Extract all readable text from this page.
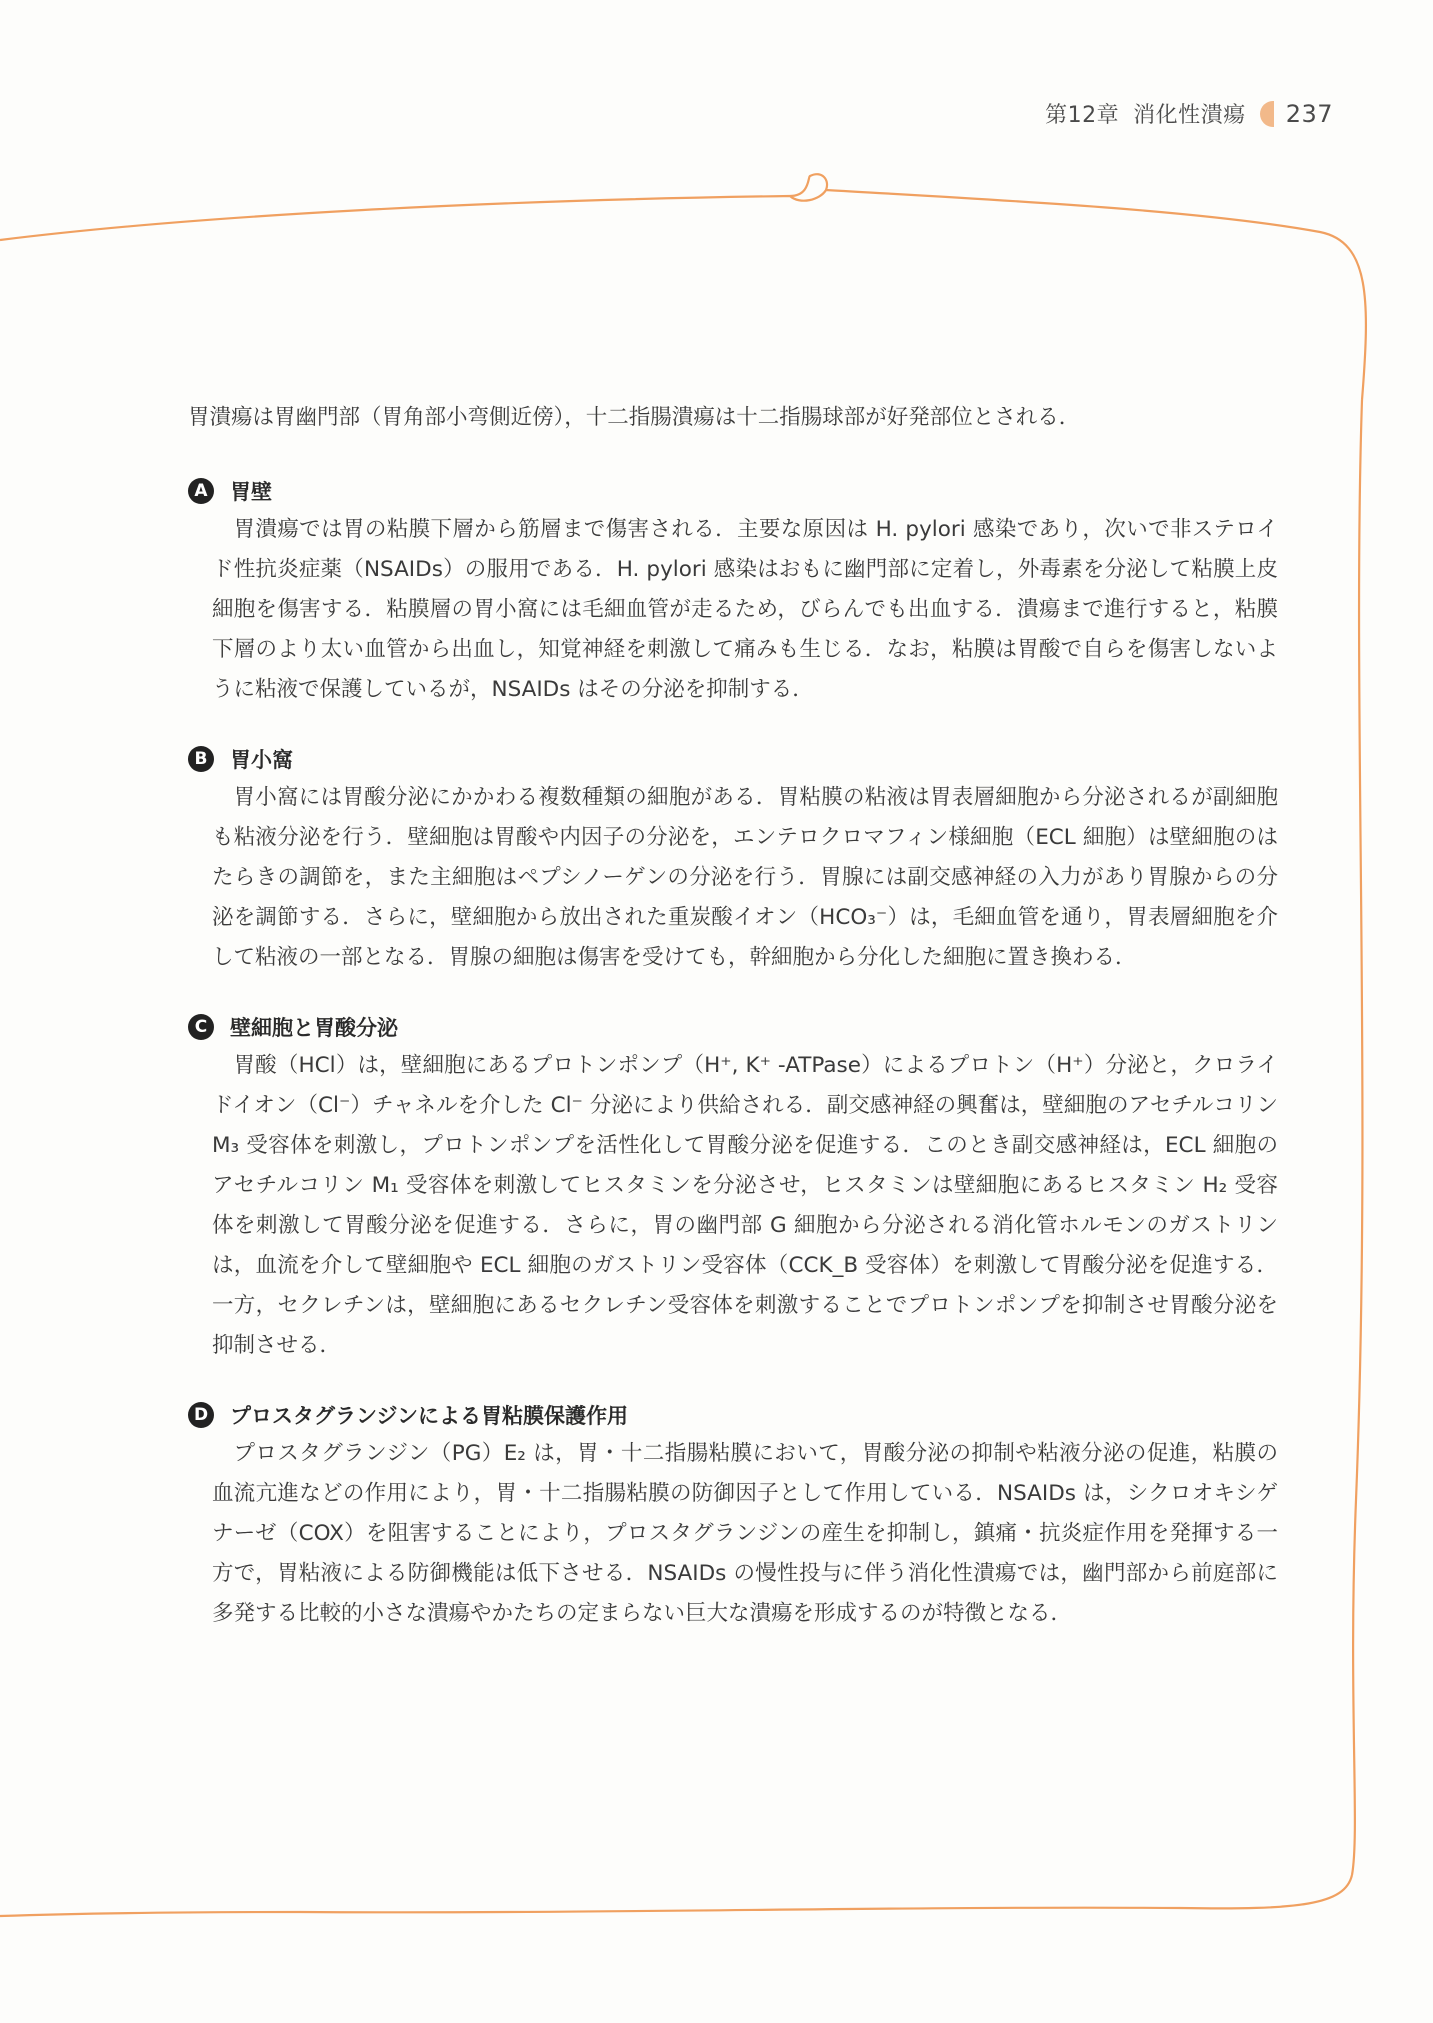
第12章 消化性潰瘍 237

胃潰瘍は胃幽門部（胃角部小弯側近傍），十二指腸潰瘍は十二指腸球部が好発部位とされる．

A	胃壁

胃潰瘍では胃の粘膜下層から筋層まで傷害される．主要な原因は H. pylori 感染であり，次いで非ステロイド性抗炎症薬（NSAIDs）の服用である．H. pylori 感染はおもに幽門部に定着し，外毒素を分泌して粘膜上皮細胞を傷害する．粘膜層の胃小窩には毛細血管が走るため，びらんでも出血する．潰瘍まで進行すると，粘膜下層のより太い血管から出血し，知覚神経を刺激して痛みも生じる．なお，粘膜は胃酸で自らを傷害しないように粘液で保護しているが，NSAIDs はその分泌を抑制する．

B	胃小窩

胃小窩には胃酸分泌にかかわる複数種類の細胞がある．胃粘膜の粘液は胃表層細胞から分泌されるが副細胞も粘液分泌を行う．壁細胞は胃酸や内因子の分泌を，エンテロクロマフィン様細胞（ECL 細胞）は壁細胞のはたらきの調節を，また主細胞はペプシノーゲンの分泌を行う．胃腺には副交感神経の入力があり胃腺からの分泌を調節する．さらに，壁細胞から放出された重炭酸イオン（HCO₃⁻）は，毛細血管を通り，胃表層細胞を介して粘液の一部となる．胃腺の細胞は傷害を受けても，幹細胞から分化した細胞に置き換わる．

C	壁細胞と胃酸分泌

胃酸（HCl）は，壁細胞にあるプロトンポンプ（H⁺, K⁺ -ATPase）によるプロトン（H⁺）分泌と，クロライドイオン（Cl⁻）チャネルを介した Cl⁻ 分泌により供給される．副交感神経の興奮は，壁細胞のアセチルコリン M₃ 受容体を刺激し，プロトンポンプを活性化して胃酸分泌を促進する．このとき副交感神経は，ECL 細胞のアセチルコリン M₁ 受容体を刺激してヒスタミンを分泌させ，ヒスタミンは壁細胞にあるヒスタミン H₂ 受容体を刺激して胃酸分泌を促進する．さらに，胃の幽門部 G 細胞から分泌される消化管ホルモンのガストリンは，血流を介して壁細胞や ECL 細胞のガストリン受容体（CCK_B 受容体）を刺激して胃酸分泌を促進する．一方，セクレチンは，壁細胞にあるセクレチン受容体を刺激することでプロトンポンプを抑制させ胃酸分泌を抑制させる．

D プロスタグランジンによる胃粘膜保護作用

プロスタグランジン（PG）E₂ は，胃・十二指腸粘膜において，胃酸分泌の抑制や粘液分泌の促進，粘膜の血流亢進などの作用により，胃・十二指腸粘膜の防御因子として作用している．NSAIDs は，シクロオキシゲナーゼ（COX）を阻害することにより，プロスタグランジンの産生を抑制し，鎮痛・抗炎症作用を発揮する一方で，胃粘液による防御機能は低下させる．NSAIDs の慢性投与に伴う消化性潰瘍では，幽門部から前庭部に多発する比較的小さな潰瘍やかたちの定まらない巨大な潰瘍を形成するのが特徴となる．
